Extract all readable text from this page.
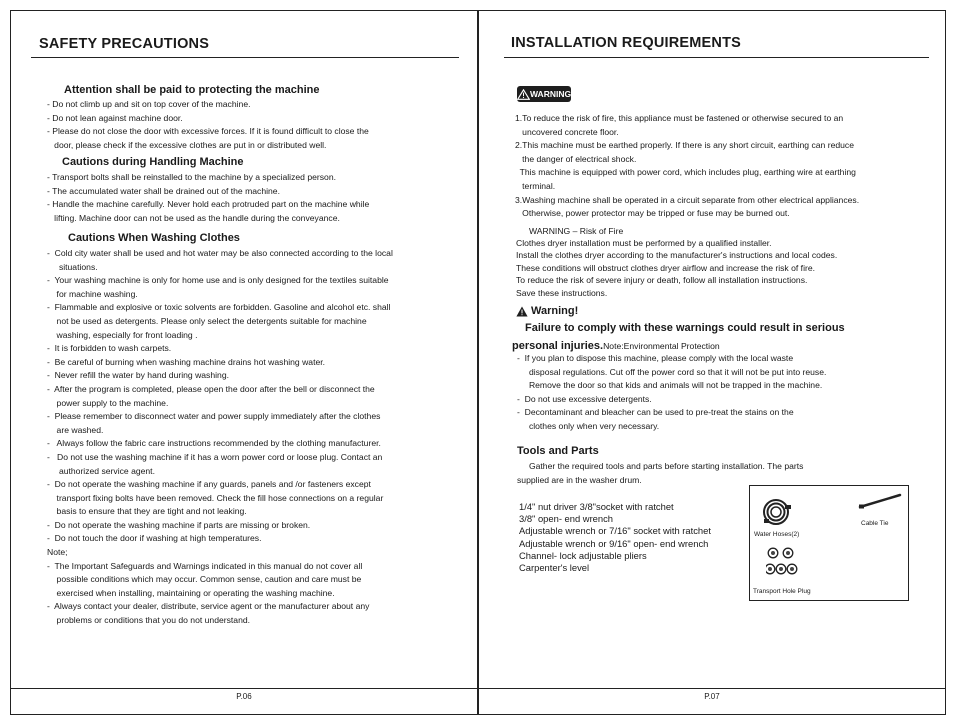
SAFETY PRECAUTIONS
Attention shall be paid to protecting the machine

- Do not climb up and sit on top cover of the machine.

- Do not lean against machine door.

- Please do not close the door with excessive forces. If it is found difficult to close the

door, please check if the excessive clothes are put in or distributed well.

Cautions during Handling Machine

- Transport bolts shall be reinstalled to the machine by a specialized person.

- The accumulated water shall be drained out of the machine.

- Handle the machine carefully. Never hold each protruded part on the machine while

lifting. Machine door can not be used as the handle during the conveyance.

Cautions When Washing Clothes

-  Cold city water shall be used and hot water may be also connected according to the local

situations.

-  Your washing machine is only for home use and is only designed for the textiles suitable

for machine washing.

-  Flammable and explosive or toxic solvents are forbidden. Gasoline and alcohol etc. shall

not be used as detergents. Please only select the detergents suitable for machine

washing, especially for front loading .

-  It is forbidden to wash carpets.

-  Be careful of burning when washing machine drains hot washing water.

-  Never refill the water by hand during washing.

-  After the program is completed, please open the door after the bell or disconnect the

power supply to the machine.

-  Please remember to disconnect water and power supply immediately after the clothes

are washed.

-   Always follow the fabric care instructions recommended by the clothing manufacturer.

-   Do not use the washing machine if it has a worn power cord or loose plug. Contact an

authorized service agent.

-  Do not operate the washing machine if any guards, panels and /or fasteners except

transport fixing bolts have been removed. Check the fill hose connections on a regular

basis to ensure that they are tight and not leaking.

-  Do not operate the washing machine if parts are missing or broken.

-  Do not touch the door if washing at high temperatures.

Note;

-  The Important Safeguards and Warnings indicated in this manual do not cover all

possible conditions which may occur. Common sense, caution and care must be

exercised when installing, maintaining or operating the washing machine.

-  Always contact your dealer, distribute, service agent or the manufacturer about any

problems or conditions that you do not understand.

P.06
INSTALLATION REQUIREMENTS
WARNING

1.To reduce the risk of fire, this appliance must be fastened or otherwise secured to an

uncovered concrete floor.

2.This machine must be earthed properly. If there is any short circuit, earthing can reduce

the danger of electrical shock.

This machine is equipped with power cord, which includes plug, earthing wire at earthing

terminal.

3.Washing machine shall be operated in a circuit separate from other electrical appliances.

Otherwise, power protector may be tripped or fuse may be burned out.

WARNING – Risk of Fire

Clothes dryer installation must be performed by a qualified installer.

Install the clothes dryer according to the manufacturer's instructions and local codes.

These conditions will obstruct clothes dryer airflow and increase the risk of fire.

To reduce the risk of severe injury or death, follow all installation instructions.

Save these instructions.

Warning!
Failure to comply with these warnings could result in serious
personal injuries.Note:Environmental Protection

-  If you plan to dispose this machine, please comply with the local waste

disposal regulations. Cut off the power cord so that it will not be put into reuse.

Remove the door so that kids and animals will not be trapped in the machine.

-  Do not use excessive detergents.

-  Decontaminant and bleacher can be used to pre-treat the stains on the

clothes only when very necessary.

Tools and Parts

Gather the required tools and parts before starting installation. The parts

supplied are in the washer drum.

1/4" nut driver 3/8"socket with ratchet

3/8" open- end wrench

Adjustable wrench or 7/16" socket with ratchet

Adjustable wrench or 9/16" open- end wrench

Channel- lock adjustable pliers

Carpenter's level

Water Hoses(2)
Cable Tie
Transport Hole Plug
P.07
